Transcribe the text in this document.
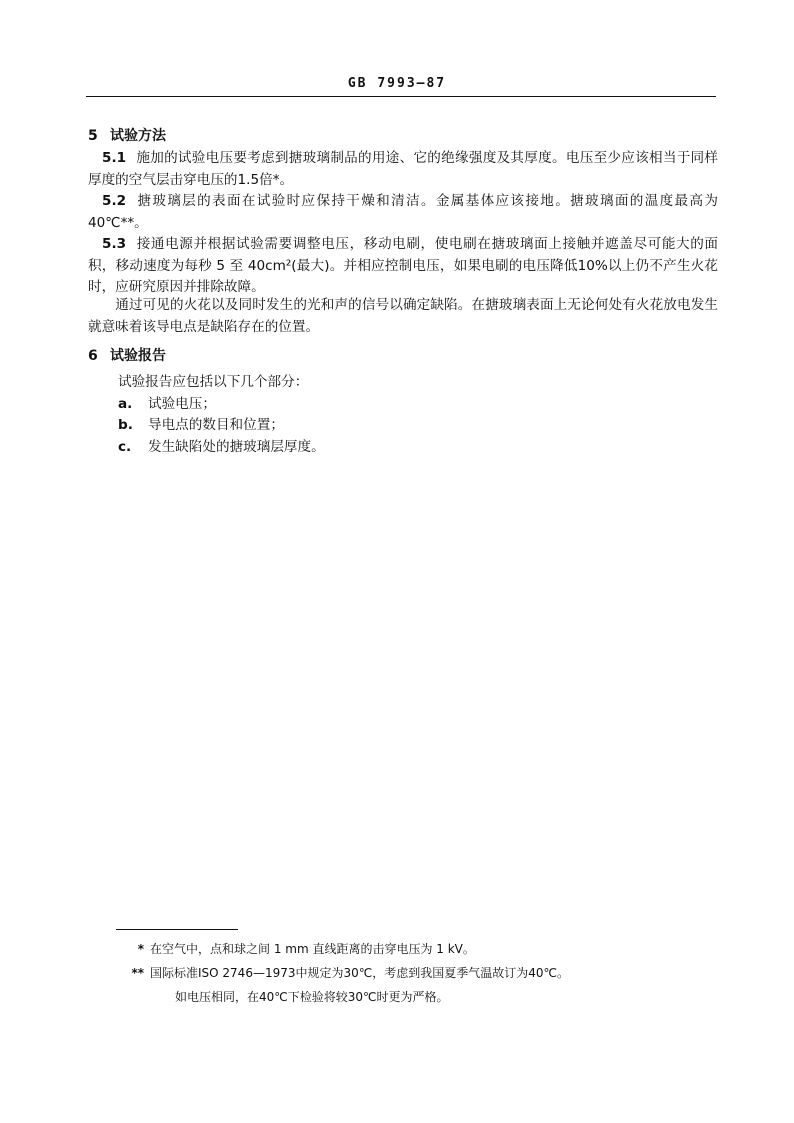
GB 7993—87
5 试验方法
5.1 施加的试验电压要考虑到搪玻璃制品的用途、它的绝缘强度及其厚度。电压至少应该相当于同样厚度的空气层击穿电压的1.5倍*。
5.2 搪玻璃层的表面在试验时应保持干燥和清洁。金属基体应该接地。搪玻璃面的温度最高为40℃**。
5.3 接通电源并根据试验需要调整电压，移动电刷，使电刷在搪玻璃面上接触并遮盖尽可能大的面积，移动速度为每秒 5 至 40cm²(最大)。并相应控制电压，如果电刷的电压降低10%以上仍不产生火花时，应研究原因并排除故障。
通过可见的火花以及同时发生的光和声的信号以确定缺陷。在搪玻璃表面上无论何处有火花放电发生就意味着该导电点是缺陷存在的位置。
6 试验报告
试验报告应包括以下几个部分：
a. 试验电压；
b. 导电点的数目和位置；
c. 发生缺陷处的搪玻璃层厚度。
* 在空气中，点和球之间 1 mm 直线距离的击穿电压为 1 kV。
** 国际标准ISO 2746—1973中规定为30℃，考虑到我国夏季气温故订为40℃。
如电压相同，在40℃下检验将较30℃时更为严格。
